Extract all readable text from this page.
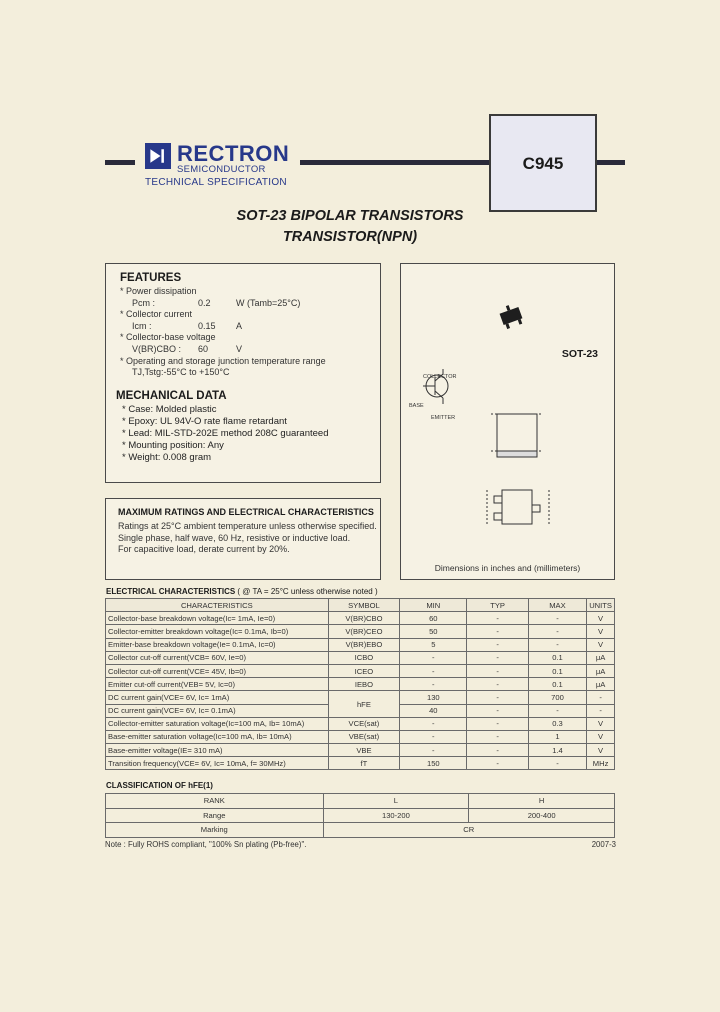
RECTRON
SEMICONDUCTOR
TECHNICAL SPECIFICATION
C945
SOT-23 BIPOLAR TRANSISTORS
TRANSISTOR(NPN)
FEATURES
* Power dissipation
Pcm :	0.2	W (Tamb=25°C)
* Collector current
Icm :	0.15	A
* Collector-base voltage
V(BR)CBO :	60	V
* Operating and storage junction temperature range
TJ,Tstg:-55°C to +150°C
MECHANICAL DATA
* Case: Molded plastic
* Epoxy: UL 94V-O rate flame retardant
* Lead: MIL-STD-202E method 208C guaranteed
* Mounting position: Any
* Weight: 0.008 gram
MAXIMUM RATINGS AND ELECTRICAL CHARACTERISTICS
Ratings at 25°C ambient temperature unless otherwise specified.
Single phase, half wave, 60 Hz, resistive or inductive load.
For capacitive load, derate current by 20%.
COLLECTOR
BASE
EMITTER
SOT-23
Dimensions in inches and (millimeters)
ELECTRICAL CHARACTERISTICS ( @ TA = 25°C unless otherwise noted )
CHARACTERISTICS	SYMBOL	MIN	TYP	MAX	UNITS
Collector-base breakdown voltage(Ic= 1mA, Ie=0)	V(BR)CBO	60	-	-	V
Collector-emitter breakdown voltage(Ic= 0.1mA, Ib=0)	V(BR)CEO	50	-	-	V
Emitter-base breakdown voltage(Ie= 0.1mA, Ic=0)	V(BR)EBO	5	-	-	V
Collector cut-off current(VCB= 60V, Ie=0)	ICBO	-	-	0.1	μA
Collector cut-off current(VCE= 45V, Ib=0)	ICEO	-	-	0.1	μA
Emitter cut-off current(VEB= 5V, Ic=0)	IEBO	-	-	0.1	μA
DC current gain(VCE= 6V, Ic= 1mA)	hFE	130	-	700	-
DC current gain(VCE= 6V, Ic= 0.1mA)		40	-	-	-
Collector-emitter saturation voltage(Ic=100 mA, Ib= 10mA)	VCE(sat)	-	-	0.3	V
Base-emitter saturation voltage(Ic=100 mA, Ib= 10mA)	VBE(sat)	-	-	1	V
Base-emitter voltage(IE= 310 mA)	VBE	-	-	1.4	V
Transition frequency(VCE= 6V, Ic= 10mA, f= 30MHz)	fT	150	-	-	MHz
CLASSIFICATION OF hFE(1)
RANK	L	H
Range	130-200	200-400
Marking	CR	
Note : Fully ROHS compliant, "100% Sn plating (Pb-free)".	2007-3
